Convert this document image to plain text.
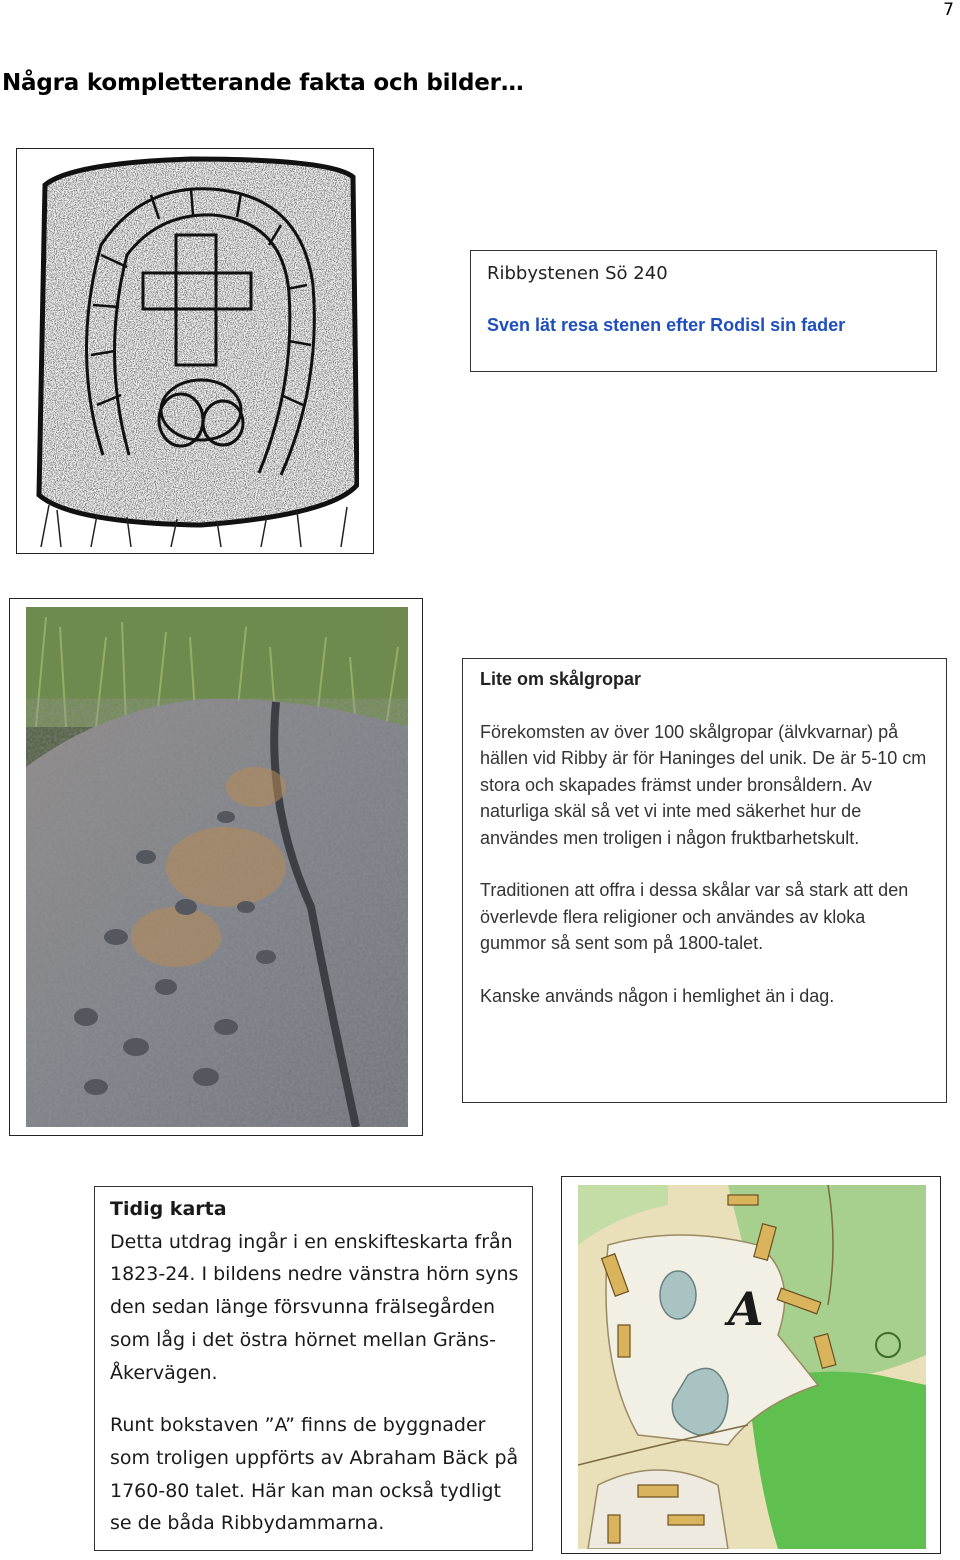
7
Några kompletterande fakta och bilder…
Ribbystenen Sö 240
Sven lät resa stenen efter Rodisl sin fader
Lite om skålgropar

Förekomsten av över 100 skålgropar (älvkvarnar) på hällen vid Ribby är för Haninges del unik. De är 5-10 cm stora och skapades främst under bronsåldern. Av naturliga skäl så vet vi inte med säkerhet hur de användes men troligen i någon fruktbarhetskult.

Traditionen att offra i dessa skålar var så stark att den överlevde flera religioner och användes av kloka gummor så sent som på 1800-talet.

Kanske används någon i hemlighet än i dag.

Tidig karta

Detta utdrag ingår i en enskifteskarta från 1823-24. I bildens nedre vänstra hörn syns den sedan länge försvunna frälsegården som låg i det östra hörnet mellan Gräns-Åkervägen.

Runt bokstaven ”A” finns de byggnader som troligen uppförts av Abraham Bäck på 1760-80 talet. Här kan man också tydligt se de båda Ribbydammarna.

A
